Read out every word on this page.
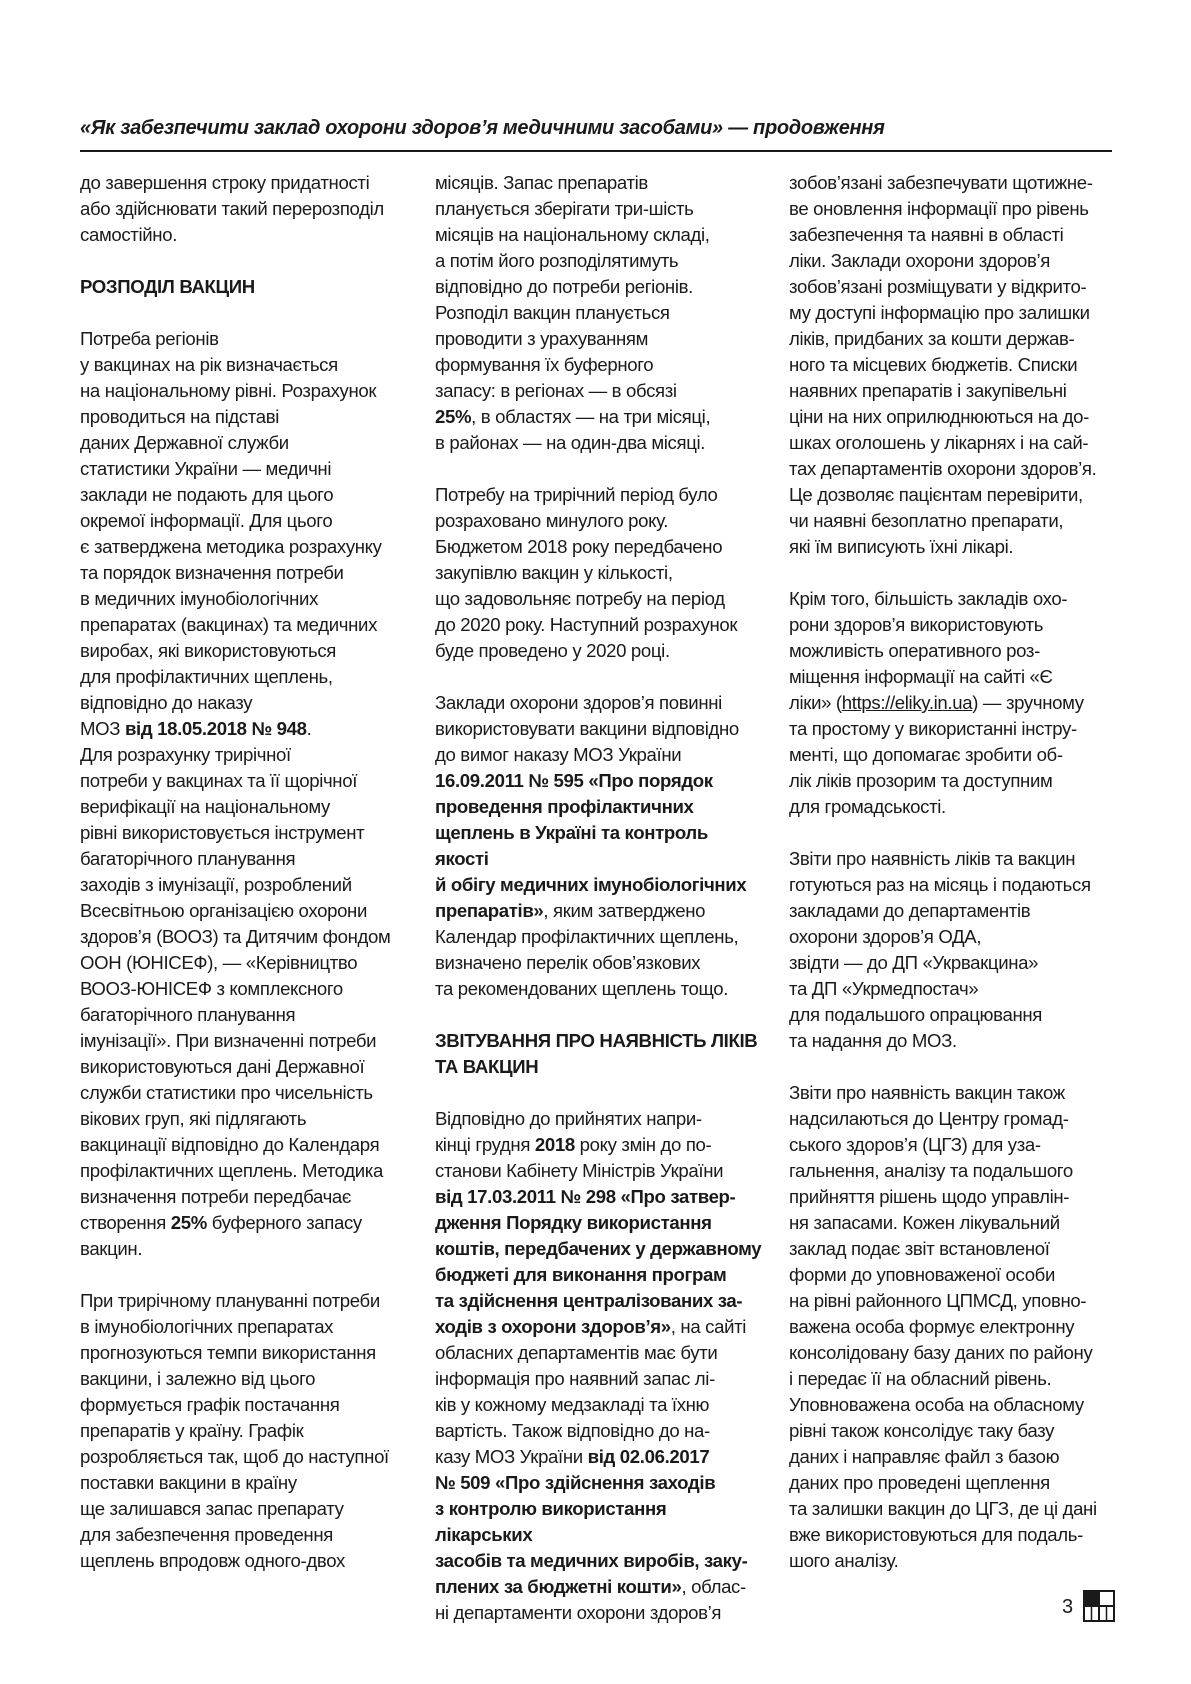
«Як забезпечити заклад охорони здоров’я медичними засобами» — продовження

до завершення строку придатності
або здійснювати такий перерозподіл
самостійно.

РОЗПОДІЛ ВАКЦИН

Потреба регіонів
у вакцинах на рік визначається
на національному рівні. Розрахунок
проводиться на підставі
даних Державної служби
статистики України — медичні
заклади не подають для цього
окремої інформації. Для цього
є затверджена методика розрахунку
та порядок визначення потреби
в медичних імунобіологічних
препаратах (вакцинах) та медичних
виробах, які використовуються
для профілактичних щеплень,
відповідно до наказу
МОЗ від 18.05.2018 № 948.
Для розрахунку трирічної
потреби у вакцинах та її щорічної
верифікації на національному
рівні використовується інструмент
багаторічного планування
заходів з імунізації, розроблений
Всесвітньою організацією охорони
здоров’я (ВООЗ) та Дитячим фондом
ООН (ЮНІСЕФ), — «Керівництво
ВООЗ-ЮНІСЕФ з комплексного
багаторічного планування
імунізації». При визначенні потреби
використовуються дані Державної
служби статистики про чисельність
вікових груп, які підлягають
вакцинації відповідно до Календаря
профілактичних щеплень. Методика
визначення потреби передбачає
створення 25% буферного запасу
вакцин.

При трирічному плануванні потреби
в імунобіологічних препаратах
прогнозуються темпи використання
вакцини, і залежно від цього
формується графік постачання
препаратів у країну. Графік
розробляється так, щоб до наступної
поставки вакцини в країну
ще залишався запас препарату
для забезпечення проведення
щеплень впродовж одного-двох

місяців. Запас препаратів
планується зберігати три-шість
місяців на національному складі,
а потім його розподілятимуть
відповідно до потреби регіонів.
Розподіл вакцин планується
проводити з урахуванням
формування їх буферного
запасу: в регіонах — в обсязі
25%, в областях — на три місяці,
в районах — на один-два місяці.

Потребу на трирічний період було
розраховано минулого року.
Бюджетом 2018 року передбачено
закупівлю вакцин у кількості,
що задовольняє потребу на період
до 2020 року. Наступний розрахунок
буде проведено у 2020 році.

Заклади охорони здоров’я повинні
використовувати вакцини відповідно
до вимог наказу МОЗ України
16.09.2011 № 595 «Про порядок
проведення профілактичних
щеплень в Україні та контроль якості
й обігу медичних імунобіологічних
препаратів», яким затверджено
Календар профілактичних щеплень,
визначено перелік обов’язкових
та рекомендованих щеплень тощо.

ЗВІТУВАННЯ ПРО НАЯВНІСТЬ ЛІКІВ
ТА ВАКЦИН

Відповідно до прийнятих напри-
кінці грудня 2018 року змін до по-
станови Кабінету Міністрів України
від 17.03.2011 № 298 «Про затвер-
дження Порядку використання
коштів, передбачених у державному
бюджеті для виконання програм
та здійснення централізованих за-
ходів з охорони здоров’я», на сайті
обласних департаментів має бути
інформація про наявний запас лі-
ків у кожному медзакладі та їхню
вартість. Також відповідно до на-
казу МОЗ України від 02.06.2017
№ 509 «Про здійснення заходів
з контролю використання лікарських
засобів та медичних виробів, заку-
плених за бюджетні кошти», облас-
ні департаменти охорони здоров’я

зобов’язані забезпечувати щотижне-
ве оновлення інформації про рівень
забезпечення та наявні в області
ліки. Заклади охорони здоров’я
зобов’язані розміщувати у відкрито-
му доступі інформацію про залишки
ліків, придбаних за кошти держав-
ного та місцевих бюджетів. Списки
наявних препаратів і закупівельні
ціни на них оприлюднюються на до-
шках оголошень у лікарнях і на сай-
тах департаментів охорони здоров’я.
Це дозволяє пацієнтам перевірити,
чи наявні безоплатно препарати,
які їм виписують їхні лікарі.

Крім того, більшість закладів охо-
рони здоров’я використовують
можливість оперативного роз-
міщення інформації на сайті «Є
ліки» (https://eliky.in.ua) — зручному
та простому у використанні інстру-
менті, що допомагає зробити об-
лік ліків прозорим та доступним
для громадськості.

Звіти про наявність ліків та вакцин
готуються раз на місяць і подаються
закладами до департаментів
охорони здоров’я ОДА,
звідти — до ДП «Укрвакцина»
та ДП «Укрмедпостач»
для подальшого опрацювання
та надання до МОЗ.

Звіти про наявність вакцин також
надсилаються до Центру громад-
ського здоров’я (ЦГЗ) для уза-
гальнення, аналізу та подальшого
прийняття рішень щодо управлін-
ня запасами. Кожен лікувальний
заклад подає звіт встановленої
форми до уповноваженої особи
на рівні районного ЦПМСД, уповно-
важена особа формує електронну
консолідовану базу даних по району
і передає її на обласний рівень.
Уповноважена особа на обласному
рівні також консолідує таку базу
даних і направляє файл з базою
даних про проведені щеплення
та залишки вакцин до ЦГЗ, де ці дані
вже використовуються для подаль-
шого аналізу.

3
